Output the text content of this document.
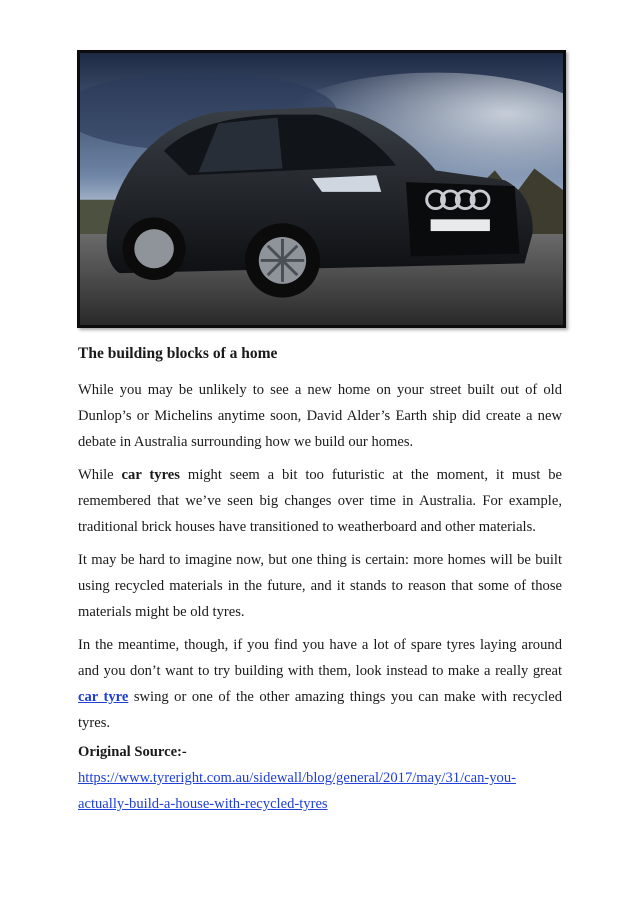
The building blocks of a home

While you may be unlikely to see a new home on your street built out of old Dunlop’s or Michelins anytime soon, David Alder’s Earth ship did create a new debate in Australia surrounding how we build our homes.

While car tyres might seem a bit too futuristic at the moment, it must be remembered that we’ve seen big changes over time in Australia. For example, traditional brick houses have transitioned to weatherboard and other materials.

It may be hard to imagine now, but one thing is certain: more homes will be built using recycled materials in the future, and it stands to reason that some of those materials might be old tyres.

In the meantime, though, if you find you have a lot of spare tyres laying around and you don’t want to try building with them, look instead to make a really great car tyre swing or one of the other amazing things you can make with recycled tyres.

Original Source:-
https://www.tyreright.com.au/sidewall/blog/general/2017/may/31/can-you-
actually-build-a-house-with-recycled-tyres
